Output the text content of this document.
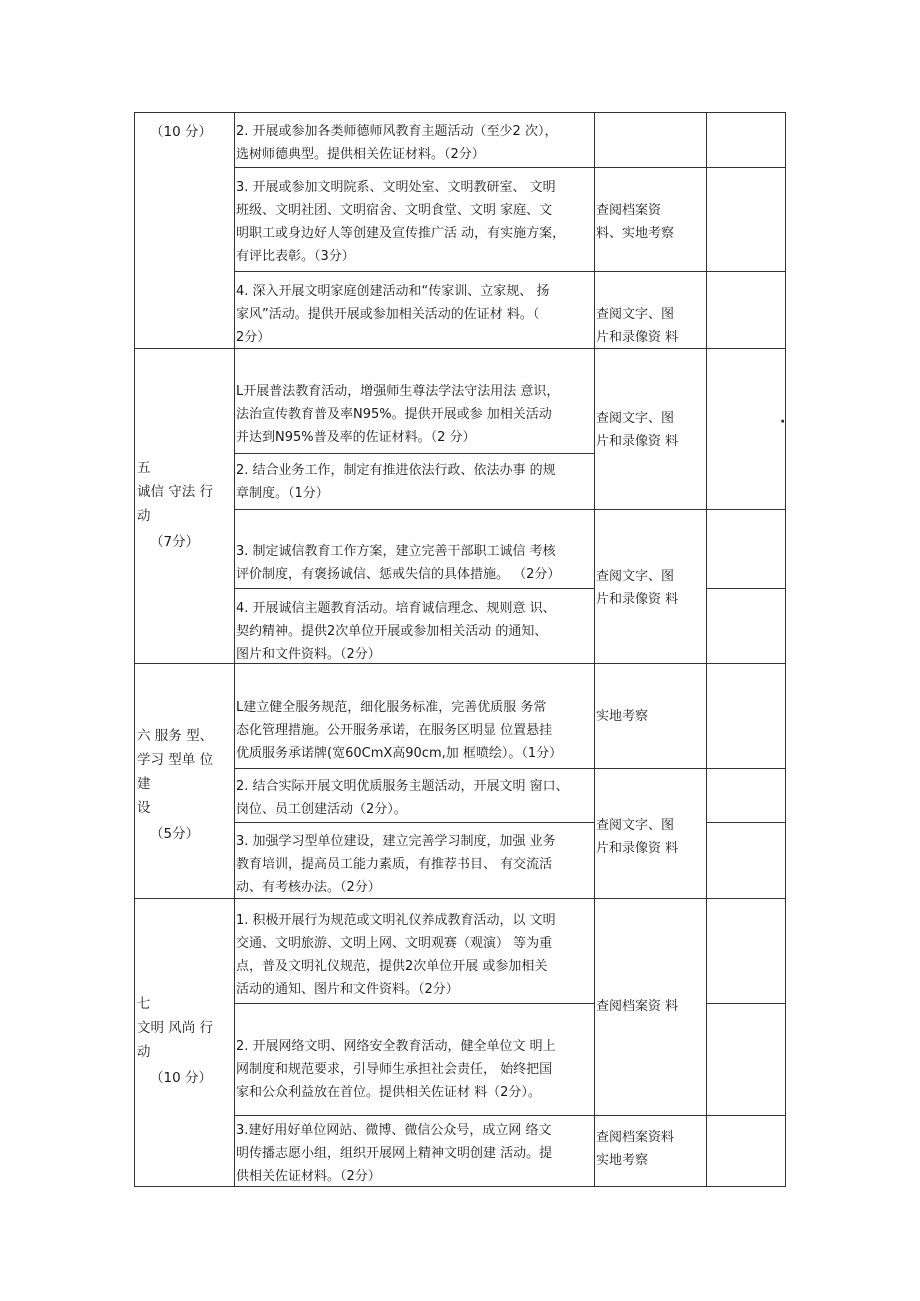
（10 分）	2. 开展或参加各类师德师风教育主题活动（至少2 次），
选树师德典型。提供相关佐证材料。（2分）
3. 开展或参加文明院系、文明处室、文明教研室、 文明
班级、文明社团、文明宿舍、文明食堂、文明 家庭、文
明职工或身边好人等创建及宣传推广活 动，有实施方案，
有评比表彰。（3分）
4. 深入开展文明家庭创建活动和“传家训、立家规、 扬
家风”活动。提供开展或参加相关活动的佐证材 料。（
2分）
查阅档案资
料、实地考察
查阅文字、图
片和录像资 料
五
诚信 守法 行
动
（7分）
L开展普法教育活动，增强师生尊法学法守法用法 意识，
法治宣传教育普及率N95%。提供开展或参 加相关活动
并达到N95%普及率的佐证材料。（2 分）
2. 结合业务工作，制定有推进依法行政、依法办事 的规
章制度。（1分）
3. 制定诚信教育工作方案，建立完善干部职工诚信 考核
评价制度，有褒扬诚信、惩戒失信的具体措施。 （2分）
4. 开展诚信主题教育活动。培育诚信理念、规则意 识、
契约精神。提供2次单位开展或参加相关活动 的通知、
图片和文件资料。（2分）
查阅文字、图
片和录像资 料
查阅文字、图
片和录像资 料
六 服务 型、
学习 型单 位
建
设
（5分）
L建立健全服务规范，细化服务标准，完善优质服 务常
态化管理措施。公开服务承诺，在服务区明显 位置悬挂
优质服务承诺牌(宽60CmX高90cm,加 框喷绘）。（1分）
2. 结合实际开展文明优质服务主题活动，开展文明 窗口、
岗位、员工创建活动（2分）。
3. 加强学习型单位建设，建立完善学习制度，加强 业务
教育培训，提高员工能力素质，有推荐书目、 有交流活
动、有考核办法。（2分）
实地考察
查阅文字、图
片和录像资 料
七
文明 风尚 行
动
（10 分）
1. 积极开展行为规范或文明礼仪养成教育活动，以 文明
交通、文明旅游、文明上网、文明观赛（观演） 等为重
点，普及文明礼仪规范，提供2次单位开展 或参加相关
活动的通知、图片和文件资料。（2分）
2. 开展网络文明、网络安全教育活动，健全单位文 明上
网制度和规范要求，引导师生承担社会责任， 始终把国
家和公众利益放在首位。提供相关佐证材 料（2分）。
3.建好用好单位网站、微博、微信公众号，成立网 络文
明传播志愿小组，组织开展网上精神文明创建 活动。提
供相关佐证材料。（2分）
查阅档案资 料
查阅档案资料
实地考察
·
